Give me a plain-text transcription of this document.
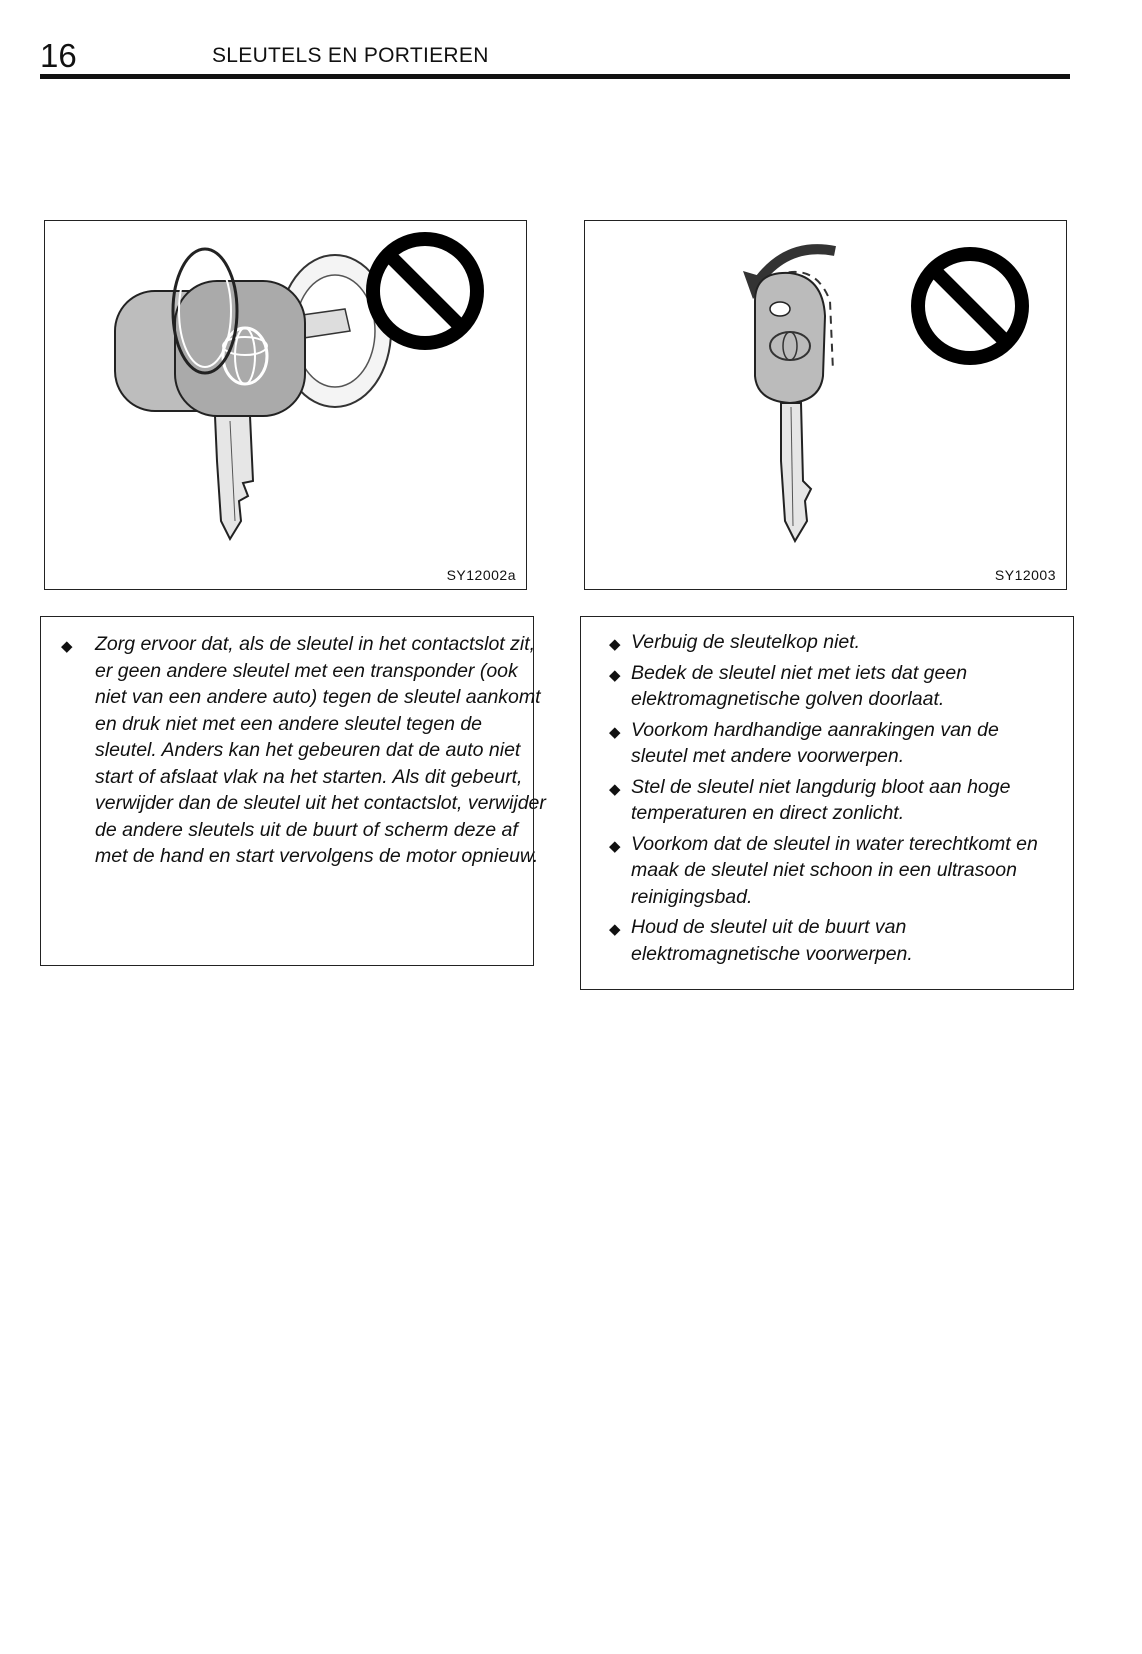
16	SLEUTELS EN PORTIEREN
SY12002a	SY12003

◆ Zorg ervoor dat, als de sleutel in het contactslot zit, er geen andere sleutel met een transponder (ook niet van een andere auto) tegen de sleutel aankomt en druk niet met een andere sleutel tegen de sleutel. Anders kan het gebeuren dat de auto niet start of afslaat vlak na het starten. Als dit gebeurt, verwijder dan de sleutel uit het contactslot, verwijder de andere sleutels uit de buurt of scherm deze af met de hand en start vervolgens de motor opnieuw.

◆ Verbuig de sleutelkop niet.

◆ Bedek de sleutel niet met iets dat geen elektromagnetische golven doorlaat.

◆ Voorkom hardhandige aanrakingen van de sleutel met andere voorwerpen.

◆ Stel de sleutel niet langdurig bloot aan hoge temperaturen en direct zonlicht.

◆ Voorkom dat de sleutel in water terechtkomt en maak de sleutel niet schoon in een ultrasoon reinigingsbad.

◆ Houd de sleutel uit de buurt van elektromagnetische voorwerpen.
